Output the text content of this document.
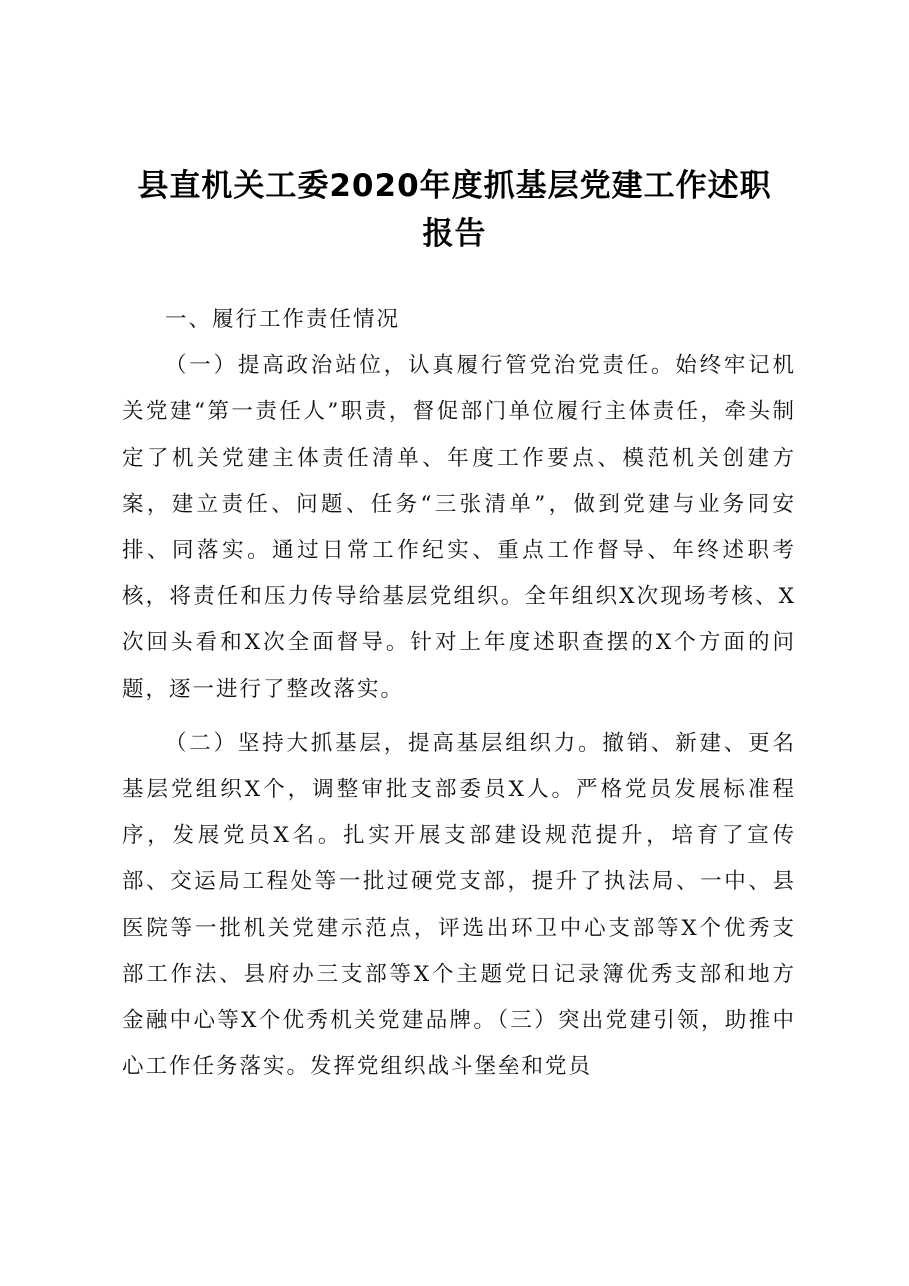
县直机关工委2020年度抓基层党建工作述职
报告

一、履行工作责任情况

（一）提高政治站位，认真履行管党治党责任。始终牢记机关党建“第一责任人”职责，督促部门单位履行主体责任，牵头制定了机关党建主体责任清单、年度工作要点、模范机关创建方案，建立责任、问题、任务“三张清单”，做到党建与业务同安排、同落实。通过日常工作纪实、重点工作督导、年终述职考核，将责任和压力传导给基层党组织。全年组织X次现场考核、X次回头看和X次全面督导。针对上年度述职查摆的X个方面的问题，逐一进行了整改落实。

（二）坚持大抓基层，提高基层组织力。撤销、新建、更名基层党组织X个，调整审批支部委员X人。严格党员发展标准程序，发展党员X名。扎实开展支部建设规范提升，培育了宣传部、交运局工程处等一批过硬党支部，提升了执法局、一中、县医院等一批机关党建示范点，评选出环卫中心支部等X个优秀支部工作法、县府办三支部等X个主题党日记录簿优秀支部和地方金融中心等X个优秀机关党建品牌。（三）突出党建引领，助推中心工作任务落实。发挥党组织战斗堡垒和党员
